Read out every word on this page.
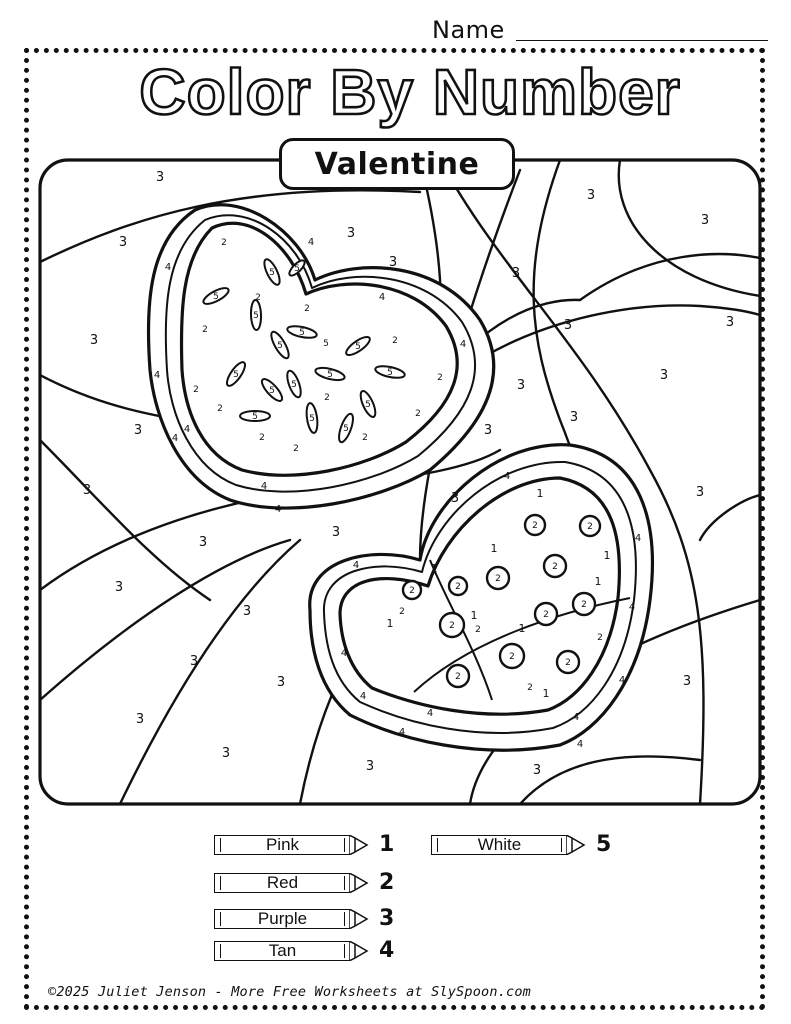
Name
Color By Number
Valentine
3
3
3
3
3
3
3
3
3
3
3
3
3
3	3
3
3	3
3
3
3
3
3
3	3
3
3
3	3
4
4
4
4
4
4
4
4
4
4
4
4
4
4
4
4
4
4
4
4
2
2
2
2
2
2
2
2
2	2
2
2
2	2
2
2
2
2
2
2
2
2
2
2
2
2
2
2
2
5
5
5
5
5
5
5
5
5
5
5
5	5
5
5
5
5
1
1
1
1
1
1
1
1
1
Pink	1
Red	2
Purple	3
Tan	4
White	5
©2025 Juliet Jenson - More Free Worksheets at SlySpoon.com
